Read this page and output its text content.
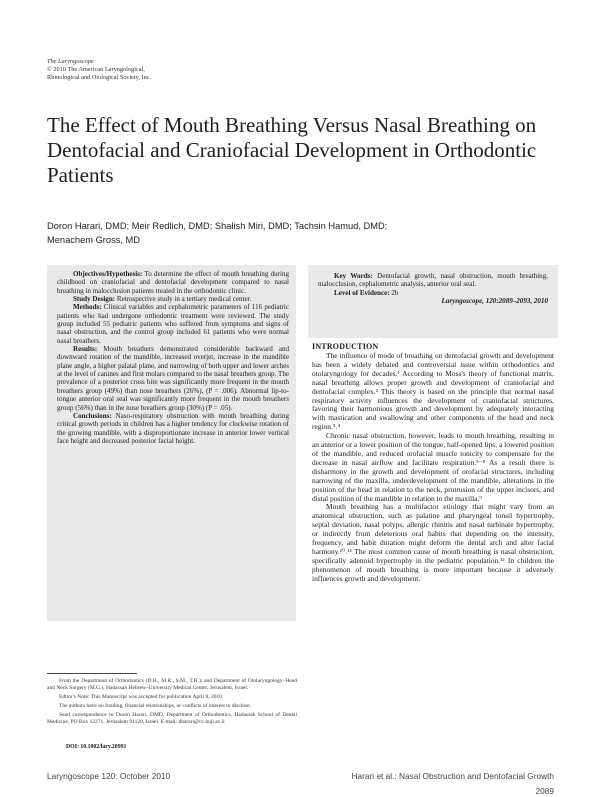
The Laryngoscope
© 2010 The American Laryngological,
Rhinological and Otological Society, Inc.
The Effect of Mouth Breathing Versus Nasal Breathing on Dentofacial and Craniofacial Development in Orthodontic Patients
Doron Harari, DMD; Meir Redlich, DMD; Shalish Miri, DMD; Tachsin Hamud, DMD;
Menachem Gross, MD

Objectives/Hypothesis: To determine the effect of mouth breathing during childhood on craniofacial and dentofacial development compared to nasal breathing in malocclusion patients treated in the orthodontic clinic.

Study Design: Retrospective study in a tertiary medical center.

Methods: Clinical variables and cephalometric parameters of 116 pediatric patients who had undergone orthodontic treatment were reviewed. The study group included 55 pediatric patients who suffered from symptoms and signs of nasal obstruction, and the control group included 61 patients who were normal nasal breathers.

Results: Mouth breathers demonstrated considerable backward and downward rotation of the mandible, increased overjet, increase in the mandible plane angle, a higher palatal plane, and narrowing of both upper and lower arches at the level of canines and first molars compared to the nasal breathers group. The prevalence of a posterior cross bite was significantly more frequent in the mouth breathers group (49%) than nose breathers (26%), (P = .006). Abnormal lip-to-tongue anterior oral seal was significantly more frequent in the mouth breathers group (56%) than in the nose breathers group (30%) (P = .05).

Conclusions: Naso-respiratory obstruction with mouth breathing during critical growth periods in children has a higher tendency for clockwise rotation of the growing mandible, with a disproportionate increase in anterior lower vertical face height and decreased posterior facial height.

Key Words: Dentofacial growth, nasal obstruction, mouth breathing, malocclusion, cephalometric analysis, anterior oral seal.

Level of Evidence: 2b

Laryngoscope, 120:2089–2093, 2010

INTRODUCTION

The influence of mode of breathing on dentofacial growth and development has been a widely debated and controversial issue within orthodontics and otolaryngology for decades.¹ According to Moss's theory of functional matrix, nasal breathing allows proper growth and development of craniofacial and dentofacial complex.² This theory is based on the principle that normal nasal respiratory activity influences the development of craniofacial structures, favoring their harmonious growth and development by adequately interacting with mastication and swallowing and other components of the head and neck region.³˒⁴

Chronic nasal obstruction, however, leads to mouth breathing, resulting in an anterior or a lower position of the tongue, half-opened lips, a lowered position of the mandible, and reduced orofacial muscle tonicity to compensate for the decrease in nasal airflow and facilitate respiration.⁵⁻⁸ As a result there is disharmony in the growth and development of orofacial structures, including narrowing of the maxilla, underdevelopment of the mandible, alterations in the position of the head in relation to the neck, protrusion of the upper incisors, and distal position of the mandible in relation to the maxilla.⁹

Mouth breathing has a multifactor etiology that might vary from an anatomical obstruction, such as palatine and pharyngeal tonsil hypertrophy, septal deviation, nasal polyps, allergic rhinitis and nasal turbinate hypertrophy, or indirectly from deleterious oral habits that depending on the intensity, frequency, and habit duration might deform the dental arch and alter facial harmony.¹⁰˒¹¹ The most common cause of mouth breathing is nasal obstruction, specifically adenoid hypertrophy in the pediatric population.¹² In children the phenomenon of mouth breathing is more important because it adversely influences growth and development.

From the Department of Orthodontics (D.H., M.R., S.M., T.H.); and Department of Otolaryngology–Head and Neck Surgery (M.G.), Hadassah Hebrew–University Medical Center, Jerusalem, Israel.

Editor's Note: This Manuscript was accepted for publication April 8, 2010.

The authors have no funding, financial relationships, or conflicts of interest to disclose.

Send correspondence to Doron Harari, DMD, Department of Orthodontics, Hadassah School of Dental Medicine, PO Box 12271, Jerusalem 91120, Israel. E-mail: dharari@cc.huji.ac.il

DOI: 10.1002/lary.20991
Laryngoscope 120: October 2010	Harari et al.: Nasal Obstruction and Dentofacial Growth
2089
